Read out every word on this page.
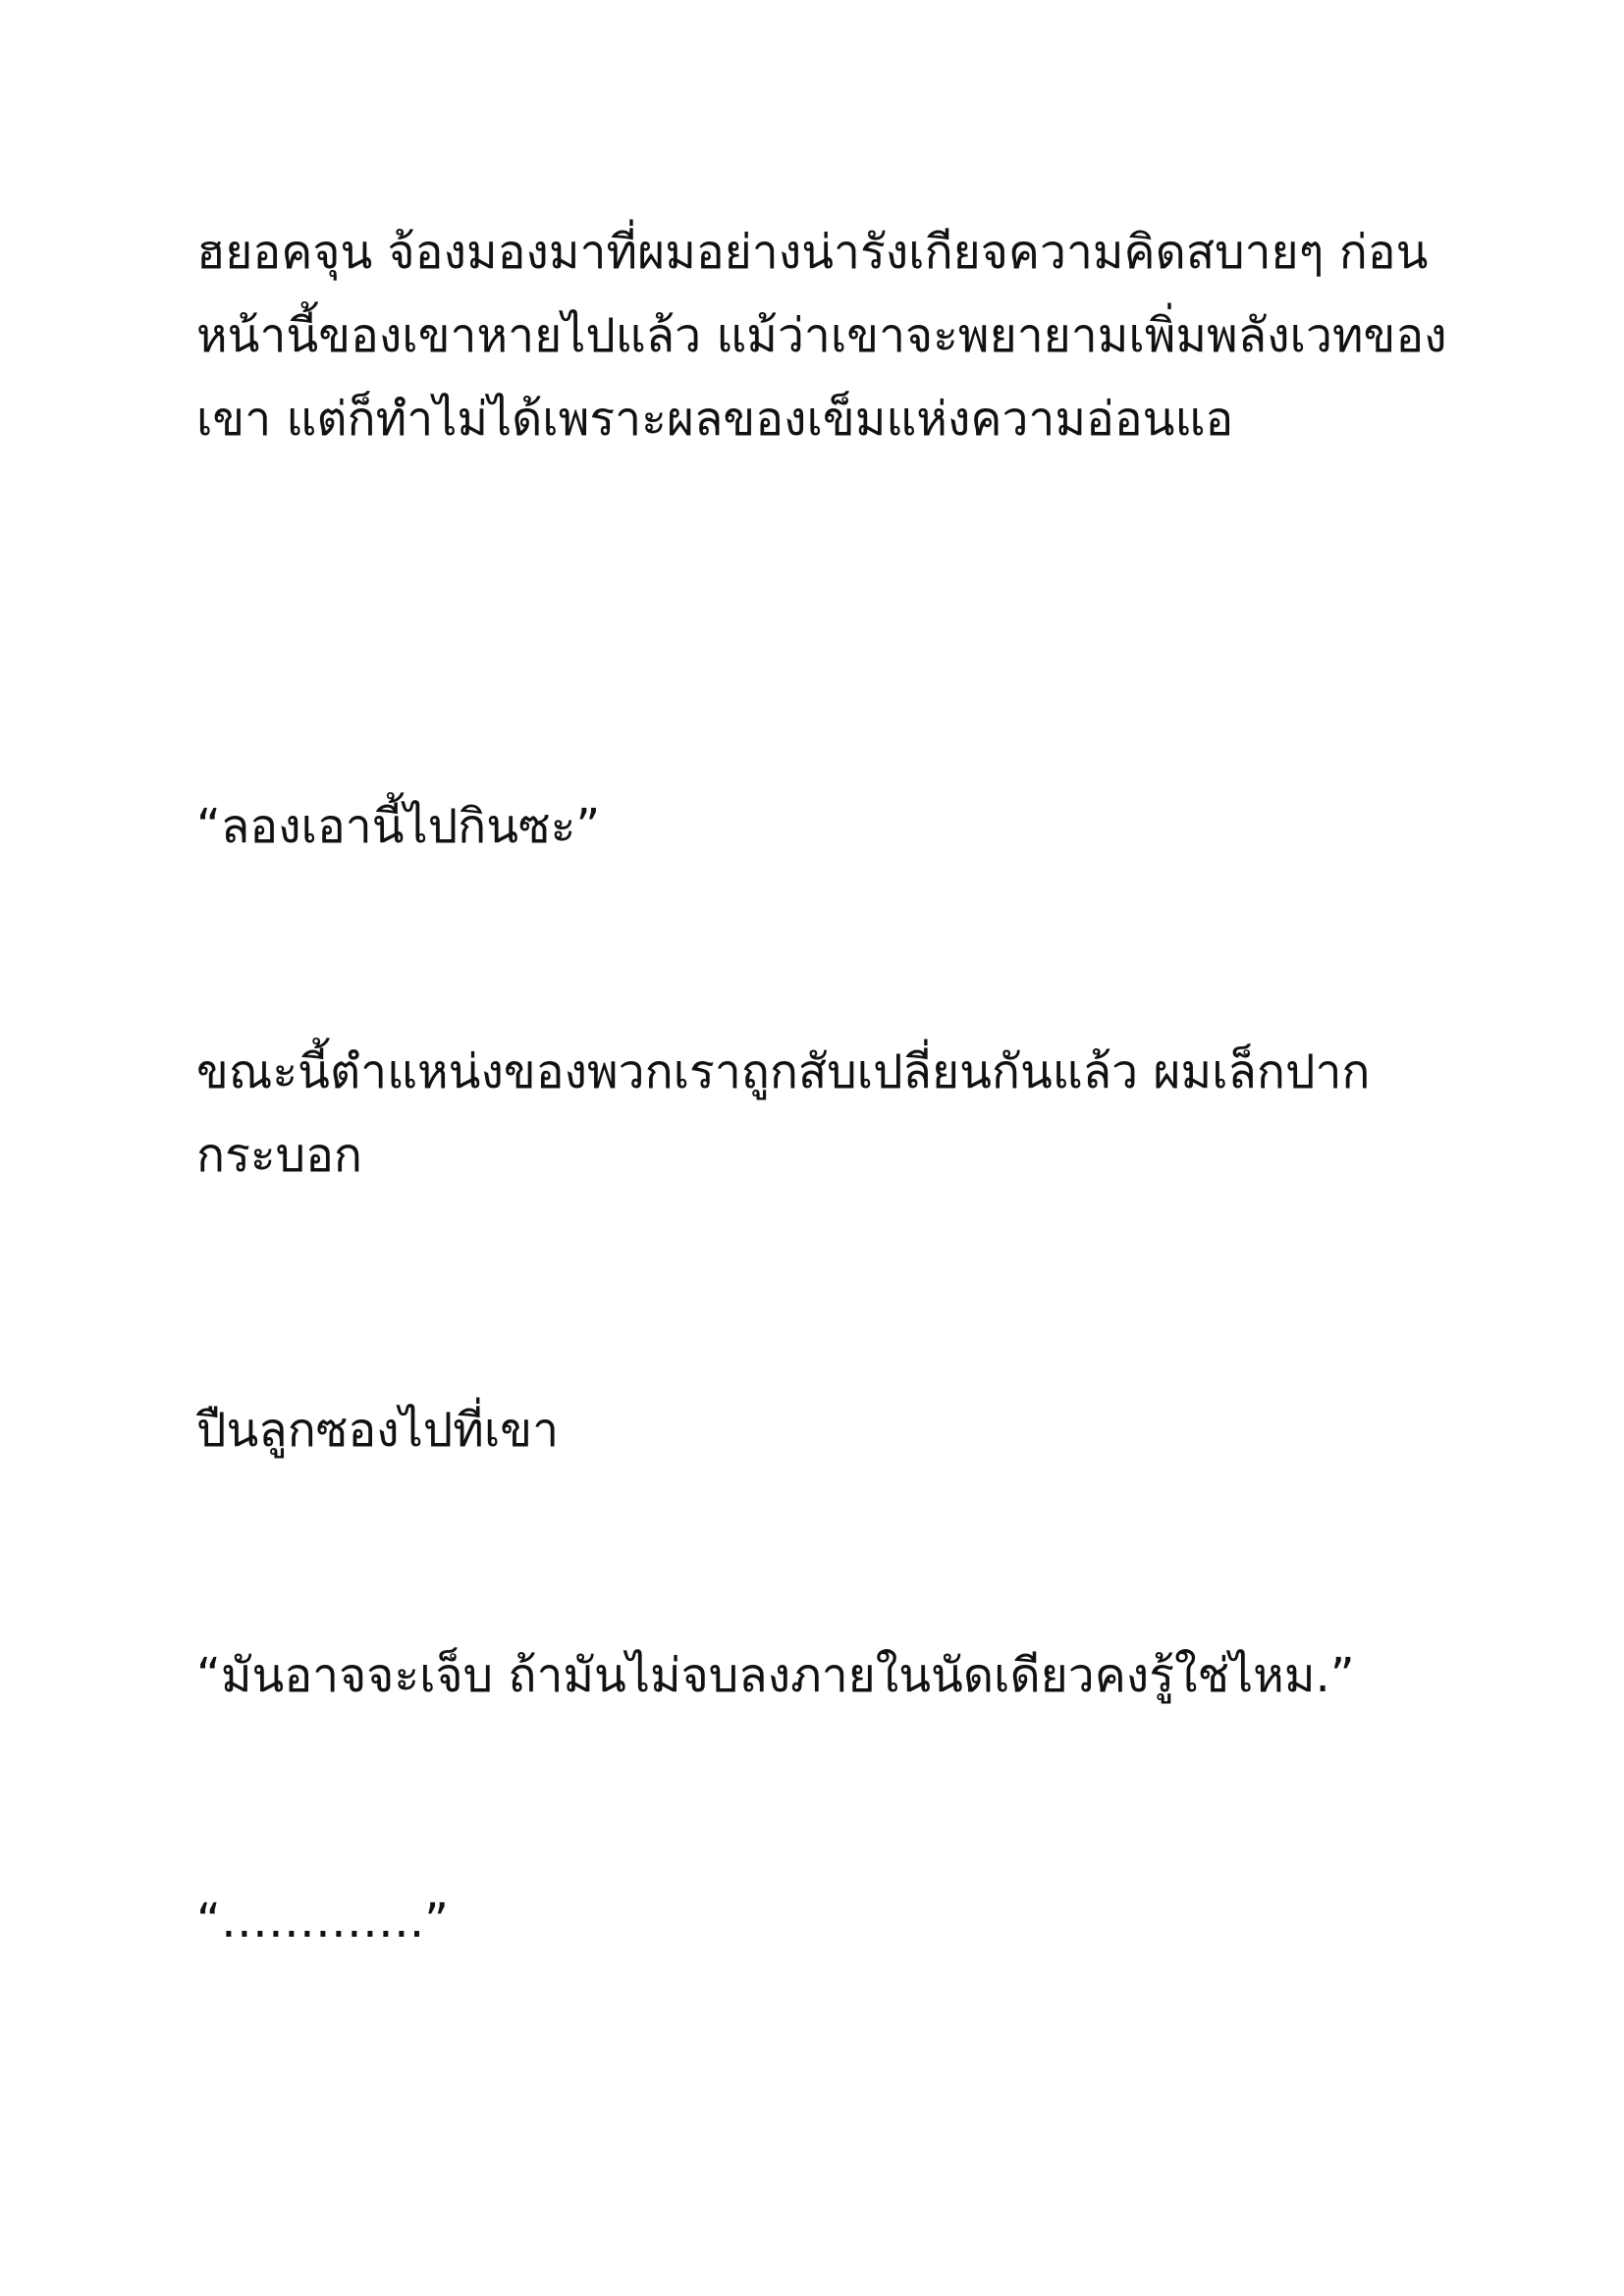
ฮยอคจุน จ้องมองมาที่ผมอย่างน่ารังเกียจความคิดสบายๆ ก่อน
หน้านี้ของเขาหายไปแล้ว แม้ว่าเขาจะพยายามเพิ่มพลังเวทของ
เขา แต่ก็ทำไม่ได้เพราะผลของเข็มแห่งความอ่อนแอ
“ลองเอานี้ไปกินซะ”
ขณะนี้ตำแหน่งของพวกเราถูกสับเปลี่ยนกันแล้ว ผมเล็กปาก
กระบอก
ปืนลูกซองไปที่เขา
“มันอาจจะเจ็บ ถ้ามันไม่จบลงภายในนัดเดียวคงรู้ใช่ไหม.”
“………….”
